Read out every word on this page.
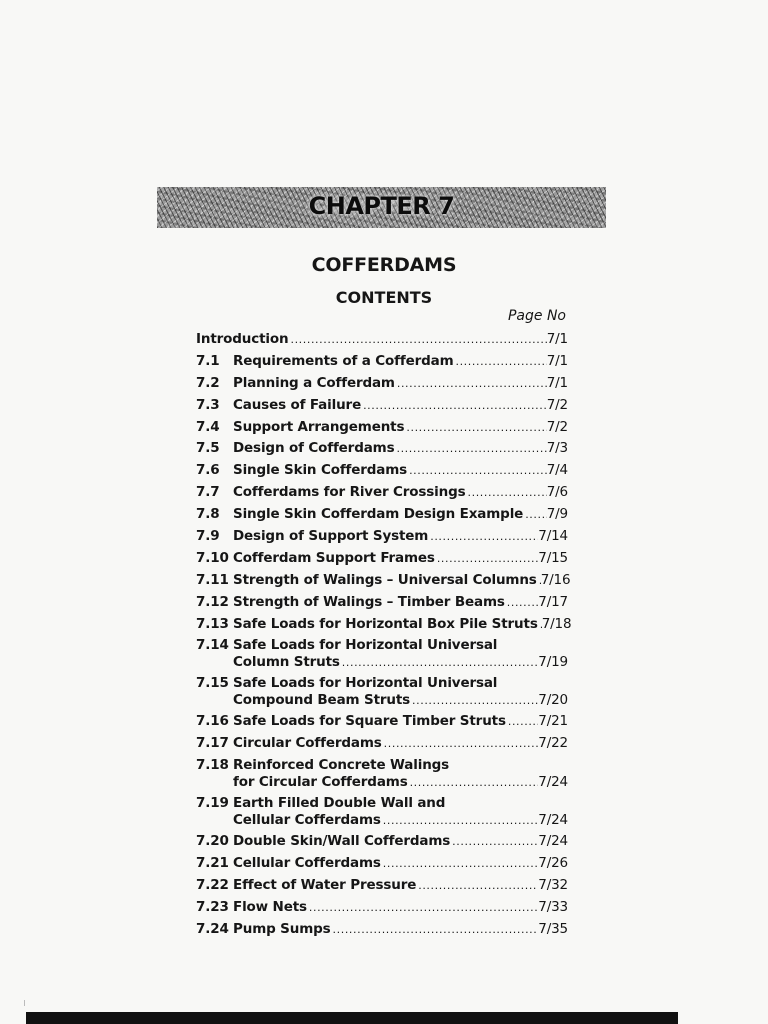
CHAPTER 7
COFFERDAMS
CONTENTS
Page No
Introduction .....	7/1
7.1	Requirements of a Cofferdam .....	7/1
7.2	Planning a Cofferdam .....	7/1
7.3	Causes of Failure .....	7/2
7.4	Support Arrangements .....	7/2
7.5	Design of Cofferdams .....	7/3
7.6	Single Skin Cofferdams .....	7/4
7.7	Cofferdams for River Crossings .....	7/6
7.8	Single Skin Cofferdam Design Example ..... 7/9
7.9	Design of Support System .....	7/14
7.10 Cofferdam Support Frames .....	7/15
7.11 Strength of Walings – Universal Columns ..... 7/16
7.12 Strength of Walings – Timber Beams ..... 7/17
7.13 Safe Loads for Horizontal Box Pile Struts ..... 7/18
7.14 Safe Loads for Horizontal Universal
Column Struts .....	7/19
7.15 Safe Loads for Horizontal Universal
Compound Beam Struts .....	7/20
7.16 Safe Loads for Square Timber Struts ..... 7/21
7.17 Circular Cofferdams .....	7/22
7.18 Reinforced Concrete Walings
for Circular Cofferdams .....	7/24
7.19 Earth Filled Double Wall and
Cellular Cofferdams .....	7/24
7.20 Double Skin/Wall Cofferdams .....	7/24
7.21 Cellular Cofferdams .....	7/26
7.22 Effect of Water Pressure .....	7/32
7.23 Flow Nets .....	7/33
7.24 Pump Sumps .....	7/35
